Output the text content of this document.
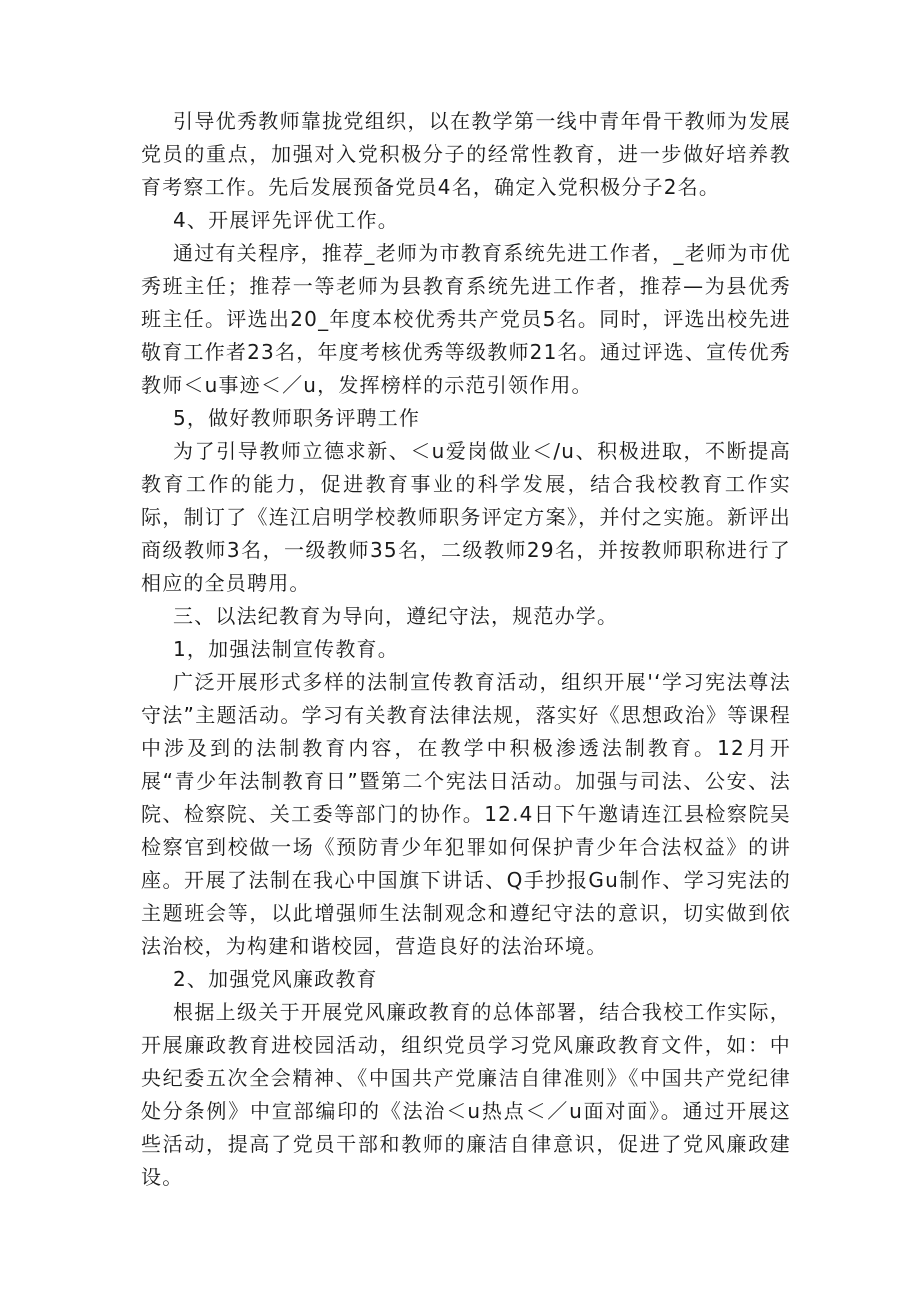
引导优秀教师靠拢党组织，以在教学第一线中青年骨干教师为发展党员的重点，加强对入党积极分子的经常性教育，进一步做好培养教育考察工作。先后发展预备党员4名，确定入党积极分子2名。

4、开展评先评优工作。

通过有关程序，推荐_老师为市教育系统先进工作者，_老师为市优秀班主任；推荐一等老师为县教育系统先进工作者，推荐—为县优秀班主任。评选出20_年度本校优秀共产党员5名。同时，评选出校先进敬育工作者23名，年度考核优秀等级教师21名。通过评选、宣传优秀教师＜u事迹＜／u，发挥榜样的示范引领作用。

5，做好教师职务评聘工作

为了引导教师立德求新、＜u爱岗做业＜/u、积极进取，不断提高教育工作的能力，促进教育事业的科学发展，结合我校教育工作实际，制订了《连江启明学校教师职务评定方案》，并付之实施。新评出商级教师3名，一级教师35名，二级教师29名，并按教师职称进行了相应的全员聘用。

三、以法纪教育为导向，遵纪守法，规范办学。

1，加强法制宣传教育。

广泛开展形式多样的法制宣传教育活动，组织开展'‘学习宪法尊法守法”主题活动。学习有关教育法律法规，落实好《思想政治》等课程中涉及到的法制教育内容，在教学中积极渗透法制教育。12月开展“青少年法制教育日”暨第二个宪法日活动。加强与司法、公安、法院、检察院、关工委等部门的协作。12.4日下午邀请连江县检察院吴检察官到校做一场《预防青少年犯罪如何保护青少年合法权益》的讲座。开展了法制在我心中国旗下讲话、Q手抄报Gu制作、学习宪法的主题班会等，以此增强师生法制观念和遵纪守法的意识，切实做到依法治校，为构建和谐校园，营造良好的法治环境。

2、加强党风廉政教育

根据上级关于开展党风廉政教育的总体部署，结合我校工作实际，开展廉政教育进校园活动，组织党员学习党风廉政教育文件，如：中央纪委五次全会精神、《中国共产党廉洁自律准则》《中国共产党纪律处分条例》中宣部编印的《法治＜u热点＜／u面对面》。通过开展这些活动，提高了党员干部和教师的廉洁自律意识，促进了党风廉政建设。
